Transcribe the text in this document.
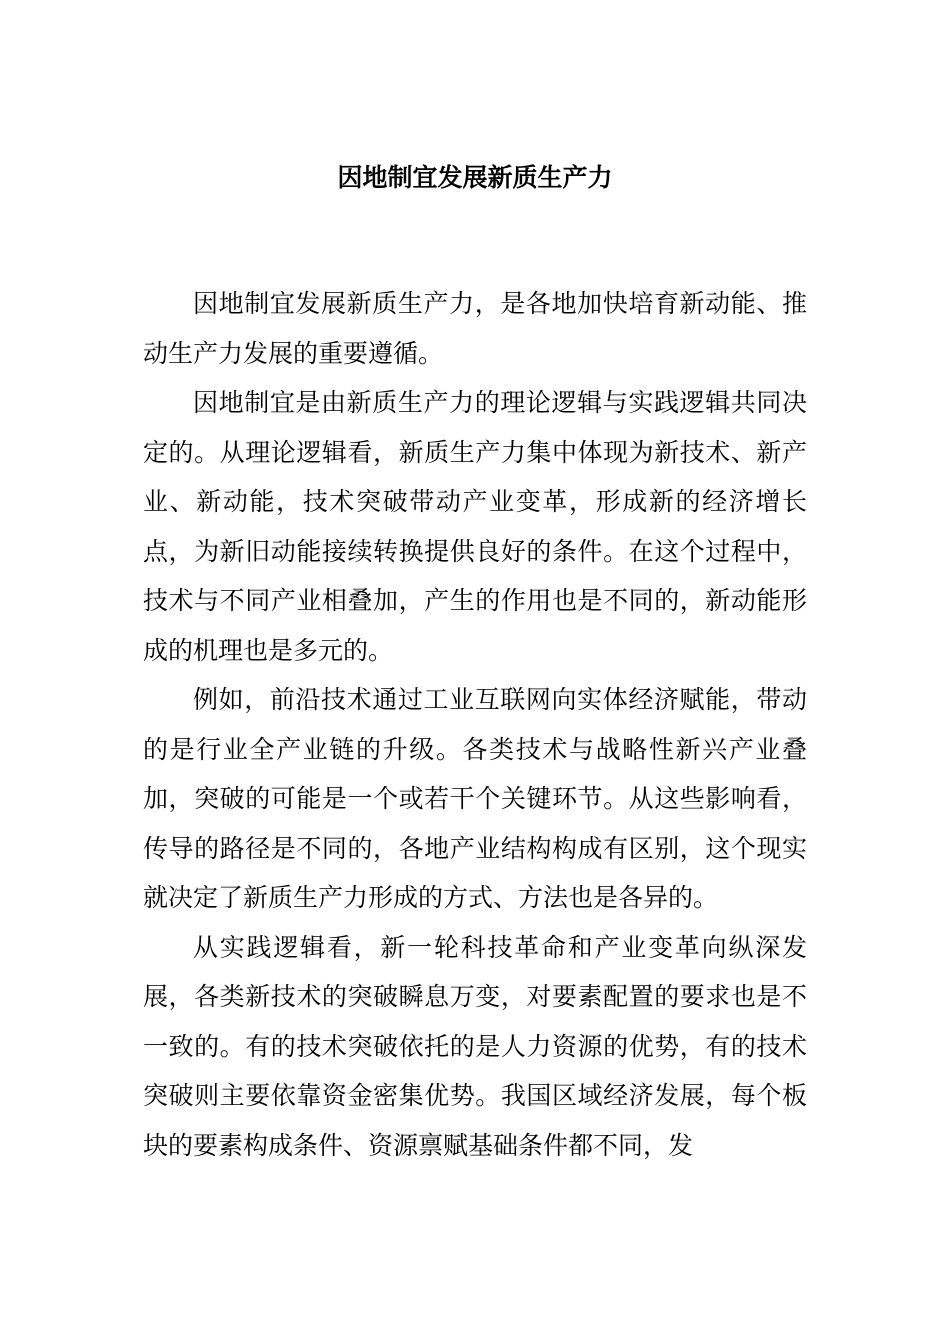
因地制宜发展新质生产力

因地制宜发展新质生产力，是各地加快培育新动能、推动生产力发展的重要遵循。

因地制宜是由新质生产力的理论逻辑与实践逻辑共同决定的。从理论逻辑看，新质生产力集中体现为新技术、新产业、新动能，技术突破带动产业变革，形成新的经济增长点，为新旧动能接续转换提供良好的条件。在这个过程中，技术与不同产业相叠加，产生的作用也是不同的，新动能形成的机理也是多元的。

例如，前沿技术通过工业互联网向实体经济赋能，带动的是行业全产业链的升级。各类技术与战略性新兴产业叠加，突破的可能是一个或若干个关键环节。从这些影响看，传导的路径是不同的，各地产业结构构成有区别，这个现实就决定了新质生产力形成的方式、方法也是各异的。

从实践逻辑看，新一轮科技革命和产业变革向纵深发展，各类新技术的突破瞬息万变，对要素配置的要求也是不一致的。有的技术突破依托的是人力资源的优势，有的技术突破则主要依靠资金密集优势。我国区域经济发展，每个板块的要素构成条件、资源禀赋基础条件都不同，发
